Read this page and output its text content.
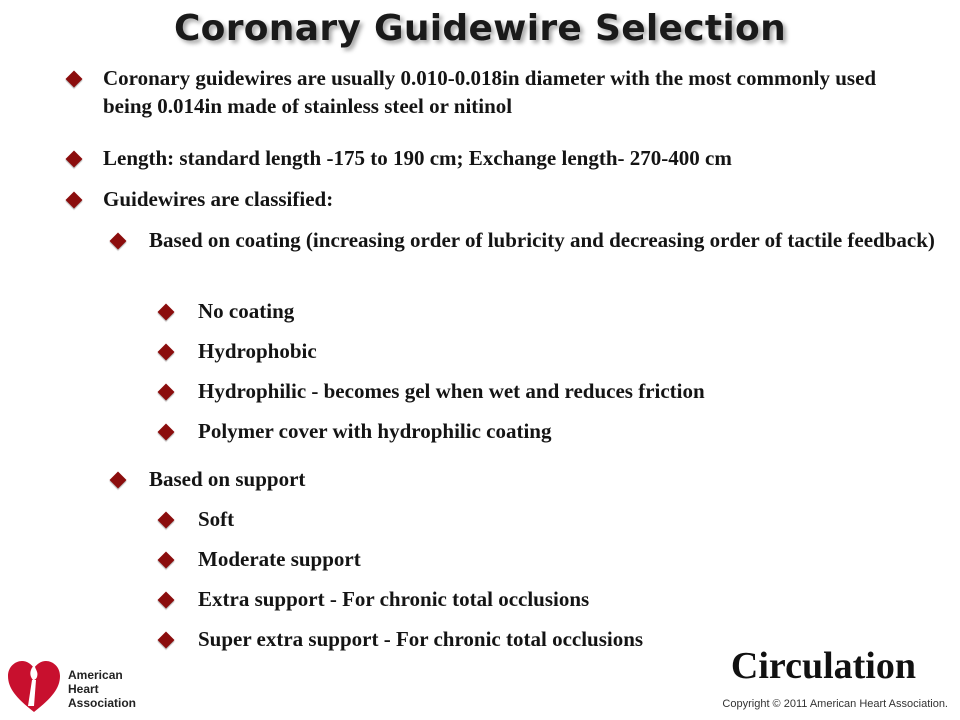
Coronary Guidewire Selection
Coronary guidewires are usually 0.010-0.018in diameter with the most commonly used being 0.014in made of stainless steel or nitinol
Length: standard length -175 to 190 cm; Exchange length- 270-400 cm
Guidewires are classified:
Based on coating (increasing order of lubricity and decreasing order of tactile feedback)
No coating
Hydrophobic
Hydrophilic - becomes gel when wet and reduces friction
Polymer cover with hydrophilic coating
Based on support
Soft
Moderate support
Extra support - For chronic total occlusions
Super extra support - For chronic total occlusions
American
Heart
Association
Circulation
Copyright © 2011 American Heart Association.
